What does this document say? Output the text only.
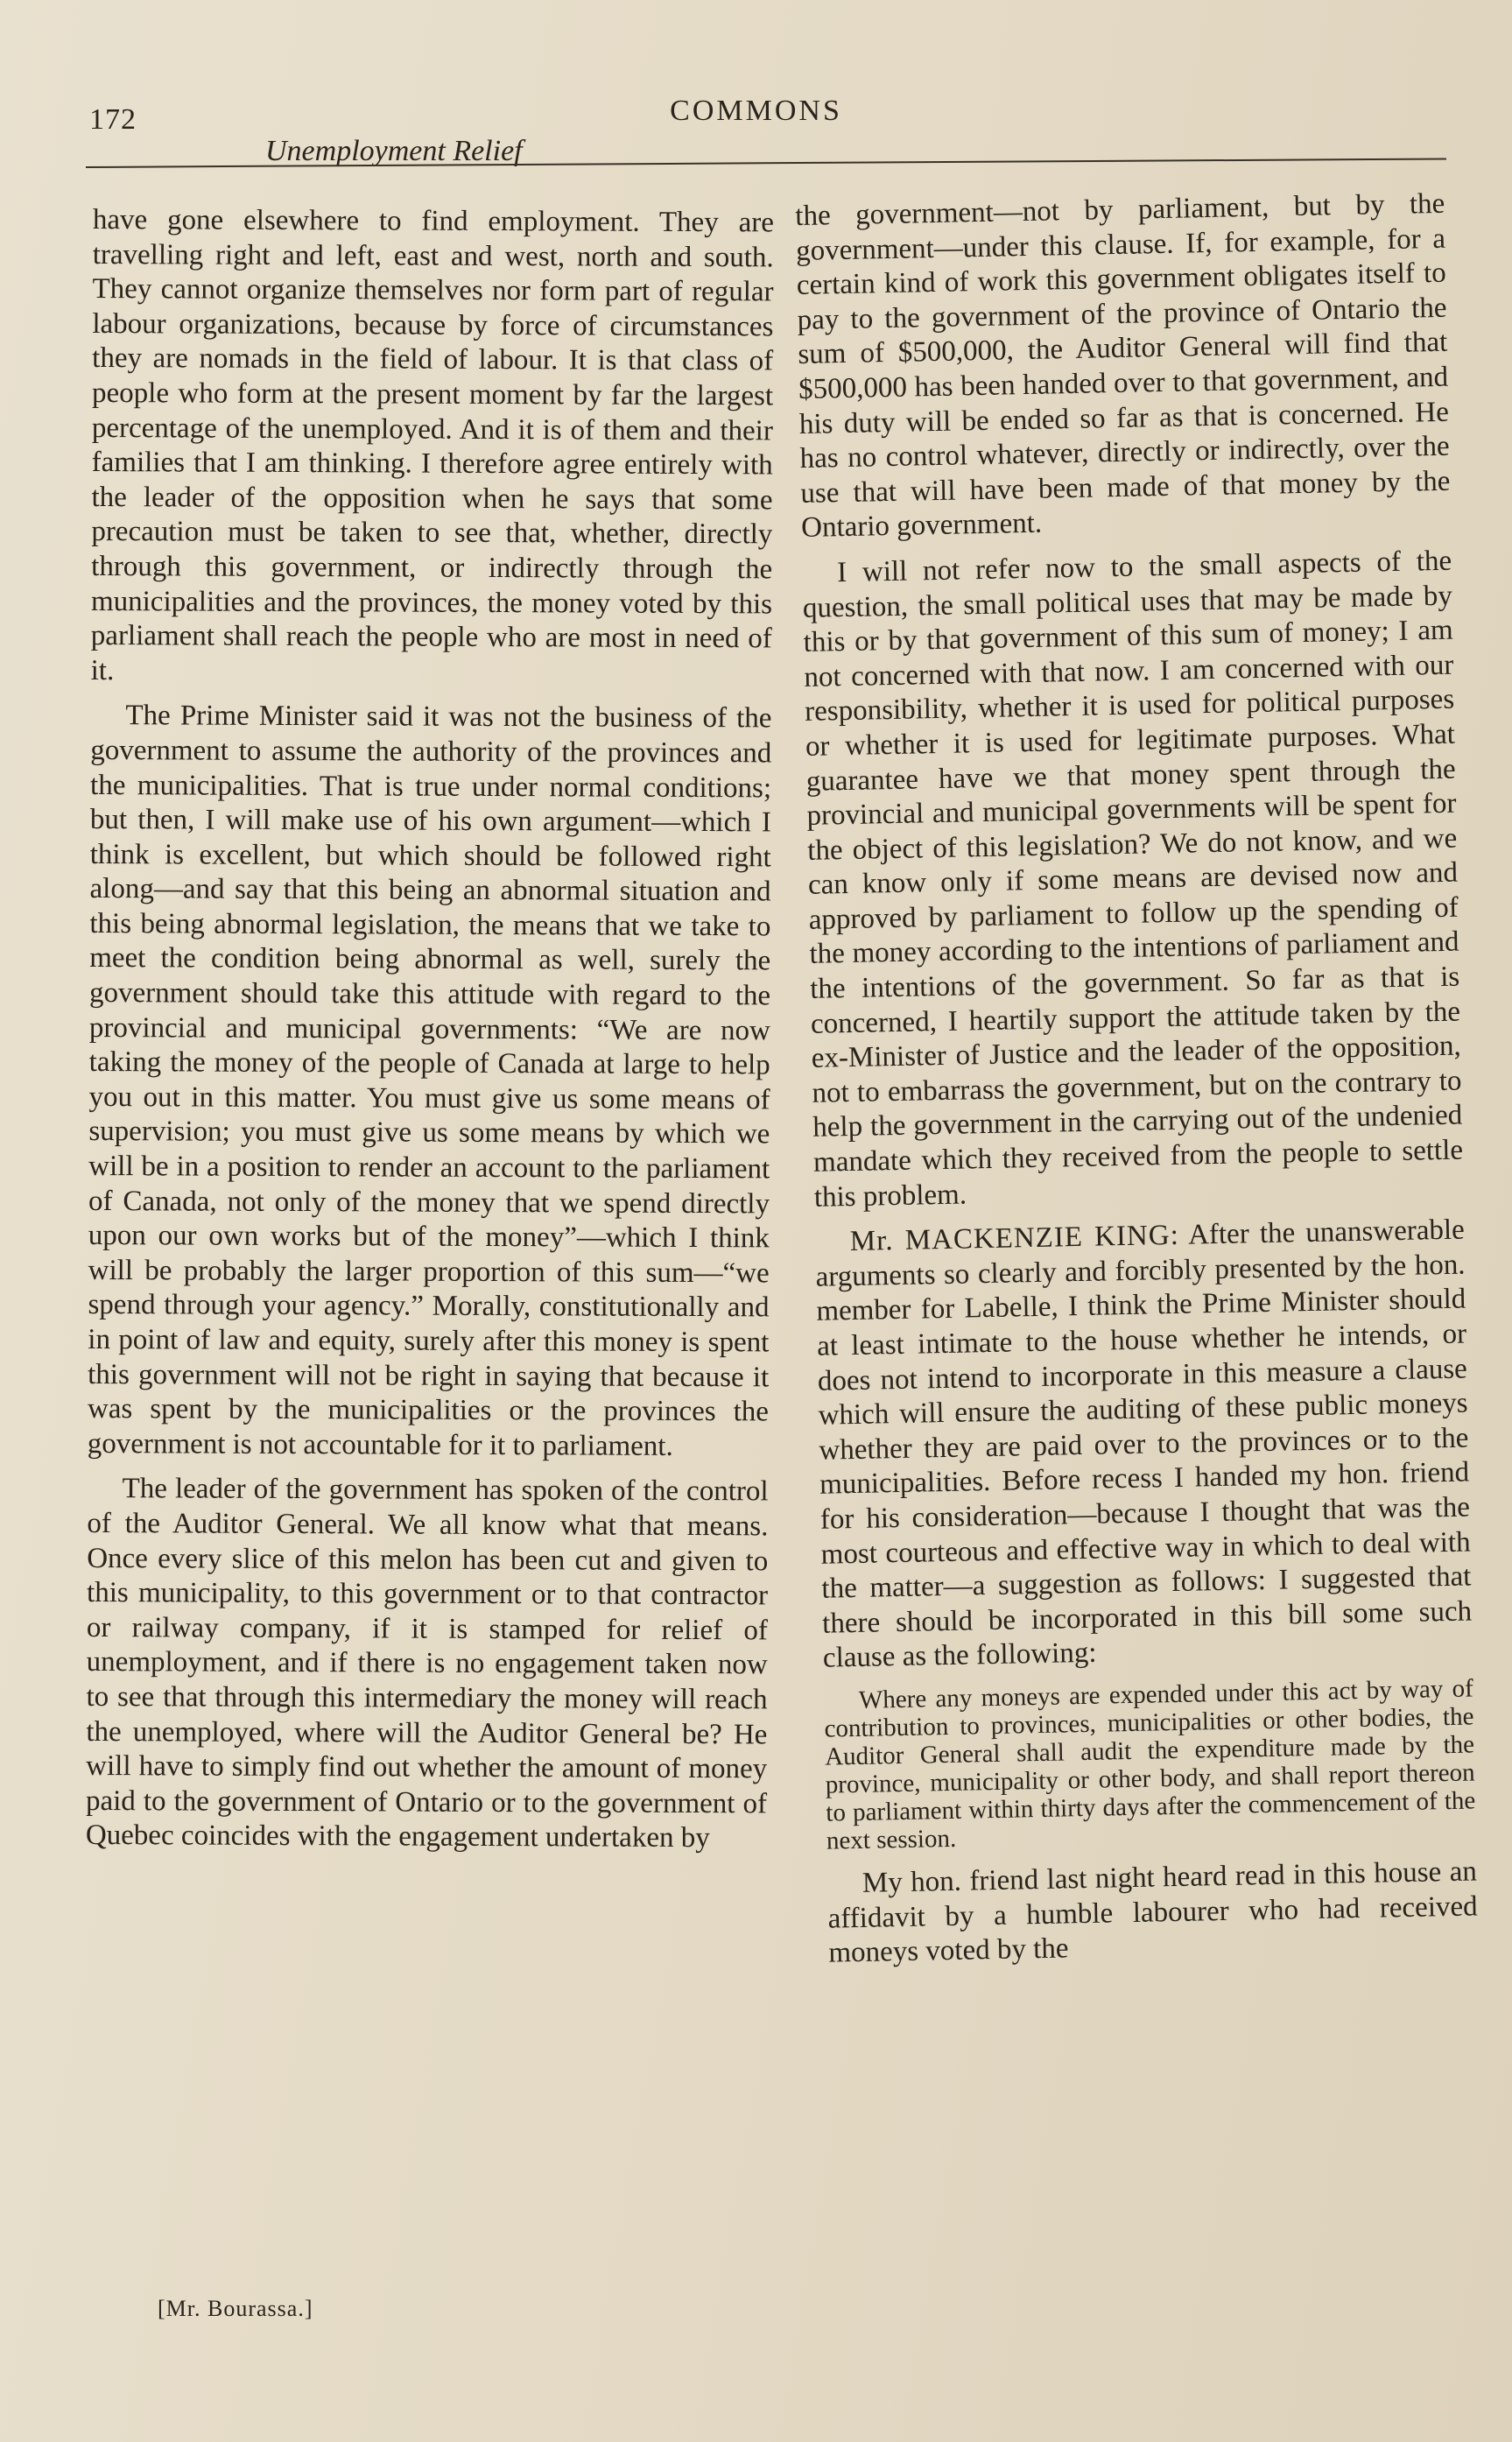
172	COMMONS
Unemployment Relief

have gone elsewhere to find employment. They are travelling right and left, east and west, north and south. They cannot organize themselves nor form part of regular labour organizations, because by force of circumstances they are nomads in the field of labour. It is that class of people who form at the present moment by far the largest percentage of the unemployed. And it is of them and their families that I am thinking. I therefore agree entirely with the leader of the opposition when he says that some precaution must be taken to see that, whether, directly through this government, or indirectly through the municipalities and the provinces, the money voted by this parliament shall reach the people who are most in need of it.

The Prime Minister said it was not the business of the government to assume the authority of the provinces and the municipalities. That is true under normal conditions; but then, I will make use of his own argument—which I think is excellent, but which should be followed right along—and say that this being an abnormal situation and this being abnormal legislation, the means that we take to meet the condition being abnormal as well, surely the government should take this attitude with regard to the provincial and municipal governments: “We are now taking the money of the people of Canada at large to help you out in this matter. You must give us some means of supervision; you must give us some means by which we will be in a position to render an account to the parliament of Canada, not only of the money that we spend directly upon our own works but of the money”—which I think will be probably the larger proportion of this sum—“we spend through your agency.” Morally, constitutionally and in point of law and equity, surely after this money is spent this government will not be right in saying that because it was spent by the municipalities or the provinces the government is not accountable for it to parliament.

The leader of the government has spoken of the control of the Auditor General. We all know what that means. Once every slice of this melon has been cut and given to this municipality, to this government or to that contractor or railway company, if it is stamped for relief of unemployment, and if there is no engagement taken now to see that through this intermediary the money will reach the unemployed, where will the Auditor General be? He will have to simply find out whether the amount of money paid to the government of Ontario or to the government of Quebec coincides with the engagement undertaken by

the government—not by parliament, but by the government—under this clause. If, for example, for a certain kind of work this government obligates itself to pay to the government of the province of Ontario the sum of $500,000, the Auditor General will find that $500,000 has been handed over to that government, and his duty will be ended so far as that is concerned. He has no control whatever, directly or indirectly, over the use that will have been made of that money by the Ontario government.

I will not refer now to the small aspects of the question, the small political uses that may be made by this or by that government of this sum of money; I am not concerned with that now. I am concerned with our responsibility, whether it is used for political purposes or whether it is used for legitimate purposes. What guarantee have we that money spent through the provincial and municipal governments will be spent for the object of this legislation? We do not know, and we can know only if some means are devised now and approved by parliament to follow up the spending of the money according to the intentions of parliament and the intentions of the government. So far as that is concerned, I heartily support the attitude taken by the ex-Minister of Justice and the leader of the opposition, not to embarrass the government, but on the contrary to help the government in the carrying out of the undenied mandate which they received from the people to settle this problem.

Mr. MACKENZIE KING: After the unanswerable arguments so clearly and forcibly presented by the hon. member for Labelle, I think the Prime Minister should at least intimate to the house whether he intends, or does not intend to incorporate in this measure a clause which will ensure the auditing of these public moneys whether they are paid over to the provinces or to the municipalities. Before recess I handed my hon. friend for his consideration—because I thought that was the most courteous and effective way in which to deal with the matter—a suggestion as follows: I suggested that there should be incorporated in this bill some such clause as the following:

Where any moneys are expended under this act by way of contribution to provinces, municipalities or other bodies, the Auditor General shall audit the expenditure made by the province, municipality or other body, and shall report thereon to parliament within thirty days after the commencement of the next session.

My hon. friend last night heard read in this house an affidavit by a humble labourer who had received moneys voted by the

[Mr. Bourassa.]
